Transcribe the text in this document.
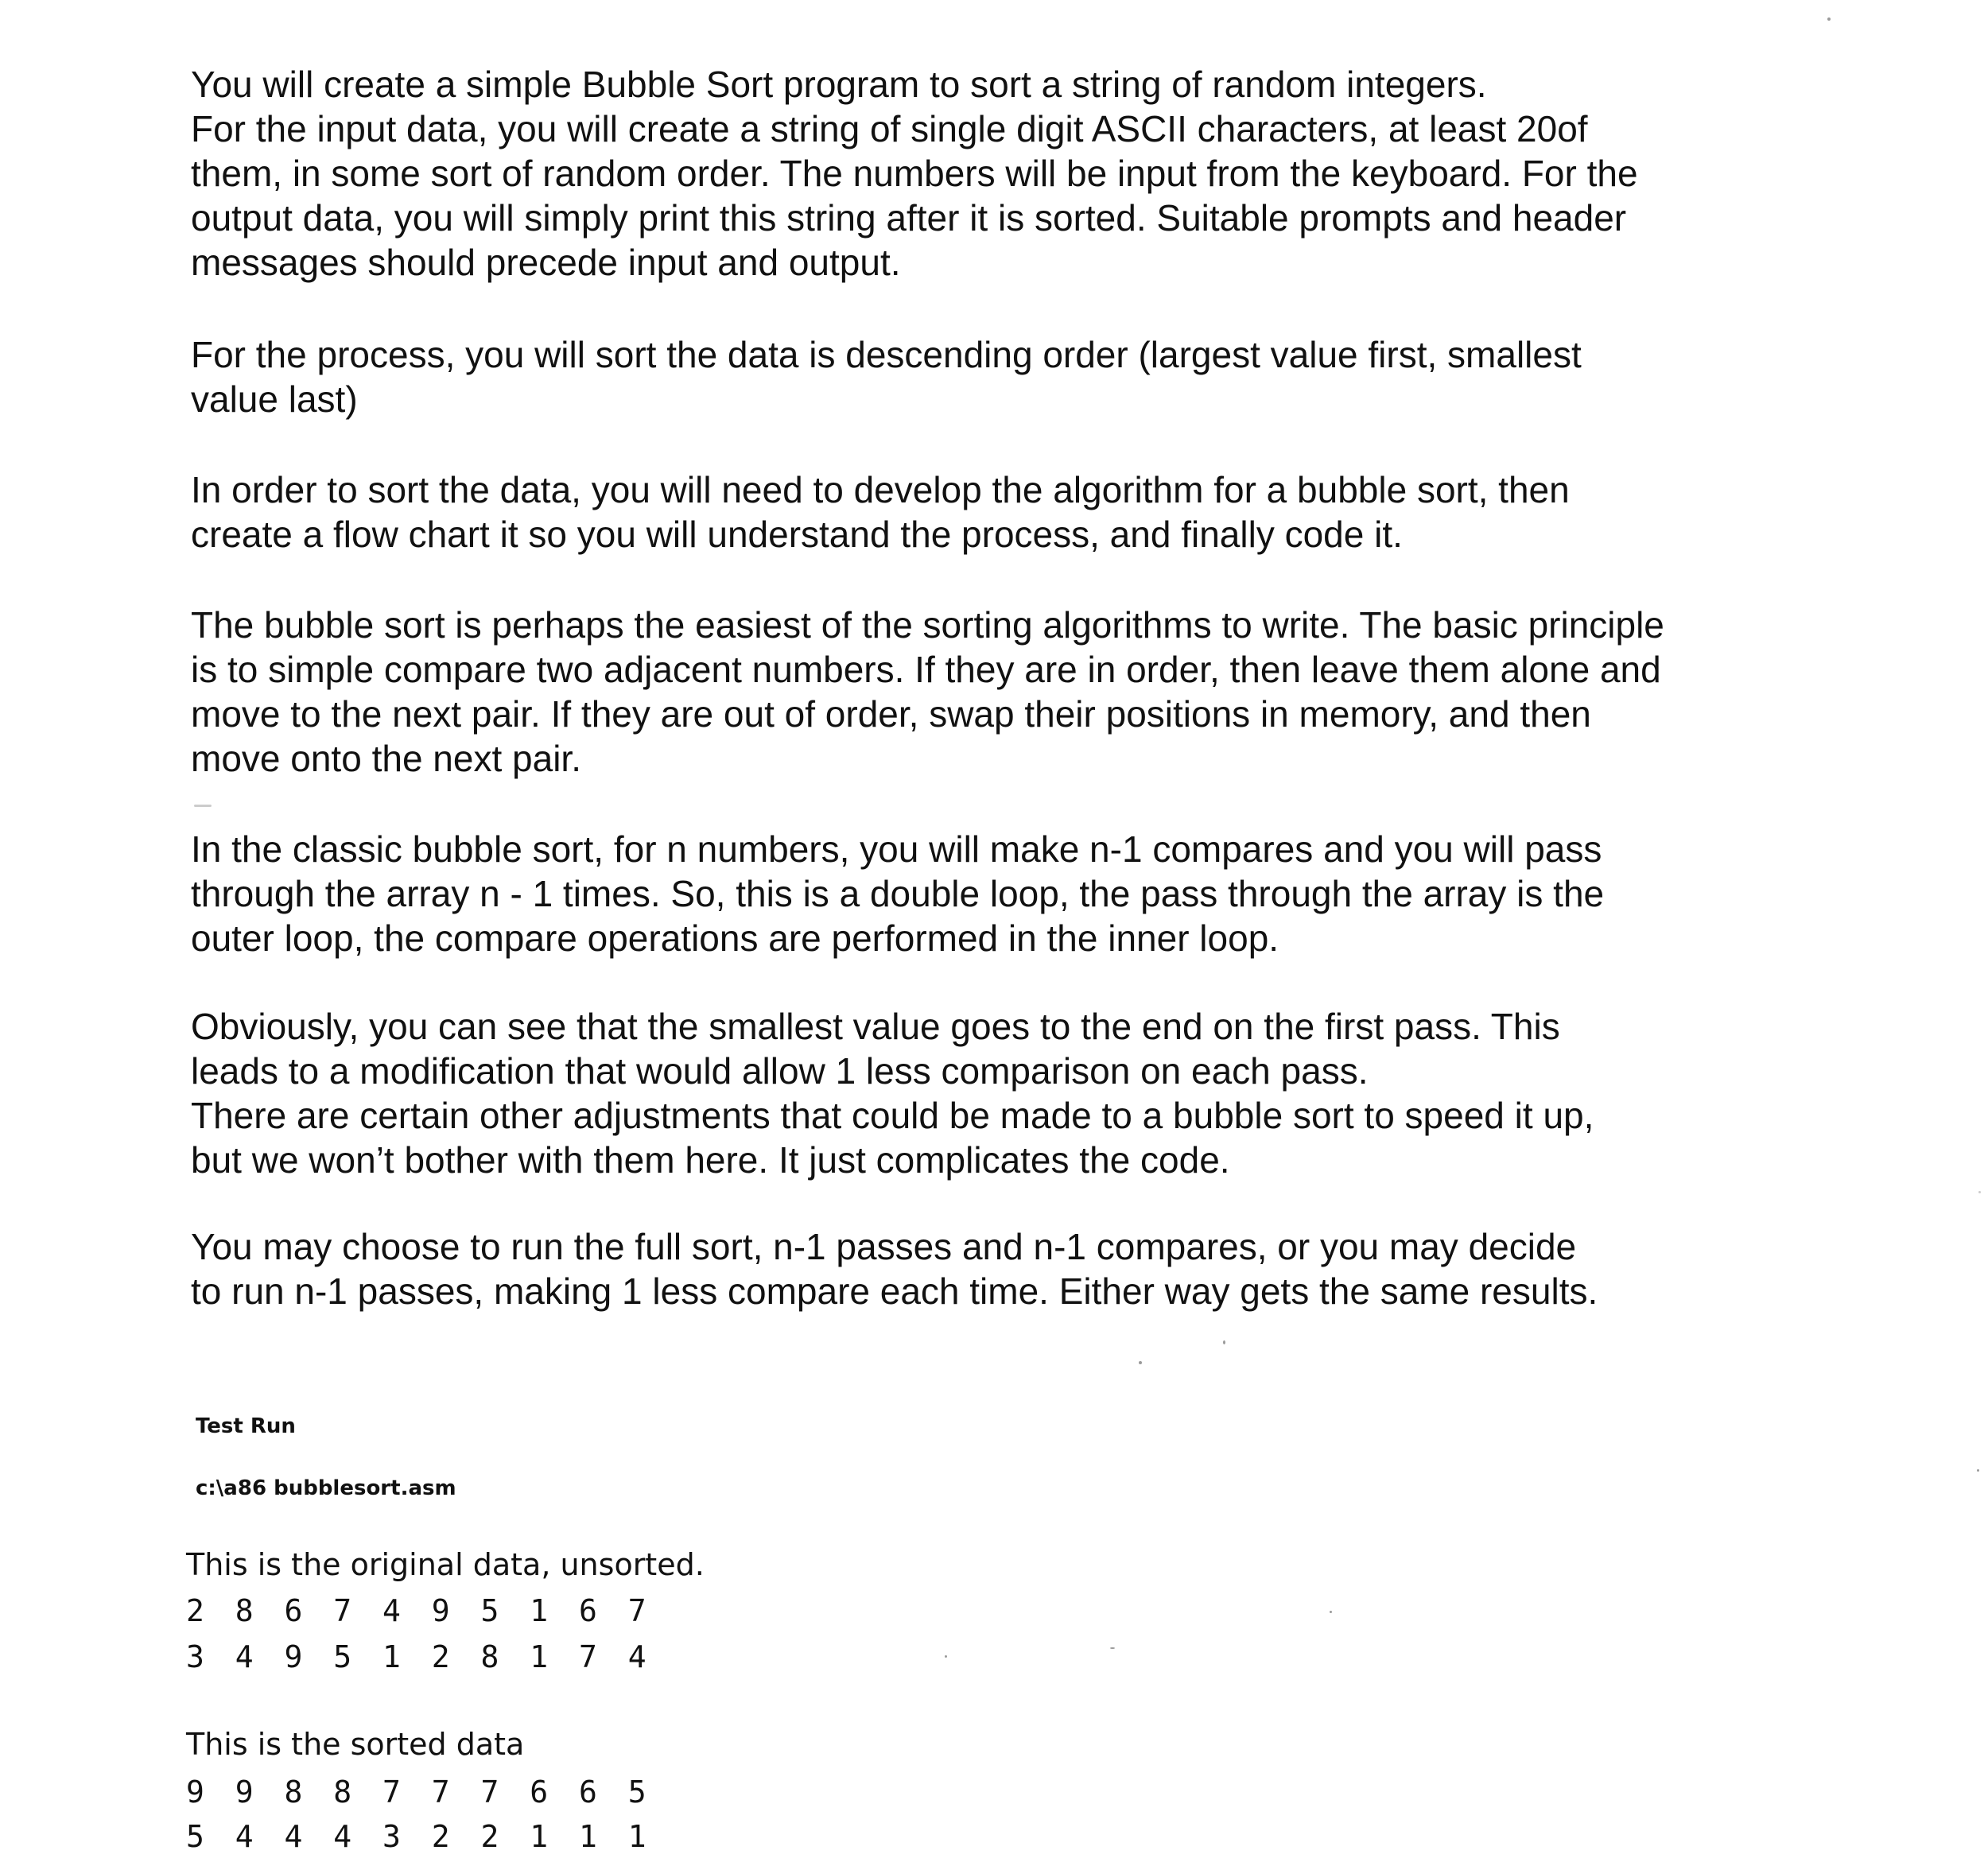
You will create a simple Bubble Sort program to sort a string of random integers.
For the input data, you will create a string of single digit ASCII characters, at least 20of
them, in some sort of random order. The numbers will be input from the keyboard. For the
output data, you will simply print this string after it is sorted. Suitable prompts and header
messages should precede input and output.

For the process, you will sort the data is descending order (largest value first, smallest
value last)

In order to sort the data, you will need to develop the algorithm for a bubble sort, then
create a flow chart it so you will understand the process, and finally code it.

The bubble sort is perhaps the easiest of the sorting algorithms to write. The basic principle
is to simple compare two adjacent numbers. If they are in order, then leave them alone and
move to the next pair. If they are out of order, swap their positions in memory, and then
move onto the next pair.

In the classic bubble sort, for n numbers, you will make n-1 compares and you will pass
through the array n - 1 times. So, this is a double loop, the pass through the array is the
outer loop, the compare operations are performed in the inner loop.

Obviously, you can see that the smallest value goes to the end on the first pass. This
leads to a modification that would allow 1 less comparison on each pass.
There are certain other adjustments that could be made to a bubble sort to speed it up,
but we won’t bother with them here. It just complicates the code.

You may choose to run the full sort, n-1 passes and n-1 compares, or you may decide
to run n-1 passes, making 1 less compare each time. Either way gets the same results.

Test Run

c:\a86 bubblesort.asm

This is the original data, unsorted.

2 8 6 7 4 9 5 1 6 7

3 4 9 5 1 2 8 1 7 4

This is the sorted data

9 9 8 8 7 7 7 6 6 5

5 4 4 4 3 2 2 1 1 1
